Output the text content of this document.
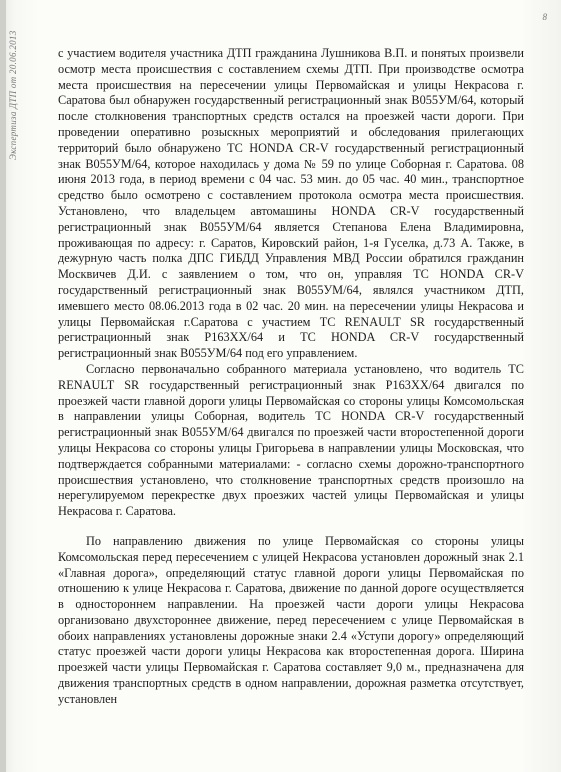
Экспертиза ДТП от 20.06.2013
8

с участием водителя участника ДТП гражданина Лушникова В.П. и понятых произвели осмотр места происшествия с составлением схемы ДТП. При производстве осмотра места происшествия на пересечении улицы Первомайская и улицы Некрасова г. Саратова был обнаружен государственный регистрационный знак В055УМ/64, который после столкновения транспортных средств остался на проезжей части дороги. При проведении оперативно розыскных мероприятий и обследования прилегающих территорий было обнаружено ТС HONDA CR-V государственный регистрационный знак В055УМ/64, которое находилась у дома № 59 по улице Соборная г. Саратова. 08 июня 2013 года, в период времени с 04 час. 53 мин. до 05 час. 40 мин., транспортное средство было осмотрено с составлением протокола осмотра места происшествия. Установлено, что владельцем автомашины HONDA CR-V государственный регистрационный знак В055УМ/64 является Степанова Елена Владимировна, проживающая по адресу: г. Саратов, Кировский район, 1-я Гуселка, д.73 А. Также, в дежурную часть полка ДПС ГИБДД Управления МВД России обратился гражданин Москвичев Д.И. с заявлением о том, что он, управляя ТС HONDA CR-V государственный регистрационный знак В055УМ/64, являлся участником ДТП, имевшего место 08.06.2013 года в 02 час. 20 мин. на пересечении улицы Некрасова и улицы Первомайская г.Саратова с участием ТС RENAULT SR государственный регистрационный знак Р163ХХ/64 и ТС HONDA CR-V государственный регистрационный знак В055УМ/64 под его управлением.

Согласно первоначально собранного материала установлено, что водитель ТС RENAULT SR государственный регистрационный знак Р163ХХ/64 двигался по проезжей части главной дороги улицы Первомайская со стороны улицы Комсомольская в направлении улицы Соборная, водитель ТС HONDA CR-V государственный регистрационный знак В055УМ/64 двигался по проезжей части второстепенной дороги улицы Некрасова со стороны улицы Григорьева в направлении улицы Московская, что подтверждается собранными материалами: - согласно схемы дорожно-транспортного происшествия установлено, что столкновение транспортных средств произошло на нерегулируемом перекрестке двух проезжих частей улицы Первомайская и улицы Некрасова г. Саратова.

По направлению движения по улице Первомайская со стороны улицы Комсомольская перед пересечением с улицей Некрасова установлен дорожный знак 2.1 «Главная дорога», определяющий статус главной дороги улицы Первомайская по отношению к улице Некрасова г. Саратова, движение по данной дороге осуществляется в одностороннем направлении. На проезжей части дороги улицы Некрасова организовано двухстороннее движение, перед пересечением с улице Первомайская в обоих направлениях установлены дорожные знаки 2.4 «Уступи дорогу» определяющий статус проезжей части дороги улицы Некрасова как второстепенная дорога. Ширина проезжей части улицы Первомайская г. Саратова составляет 9,0 м., предназначена для движения транспортных средств в одном направлении, дорожная разметка отсутствует, установлен
